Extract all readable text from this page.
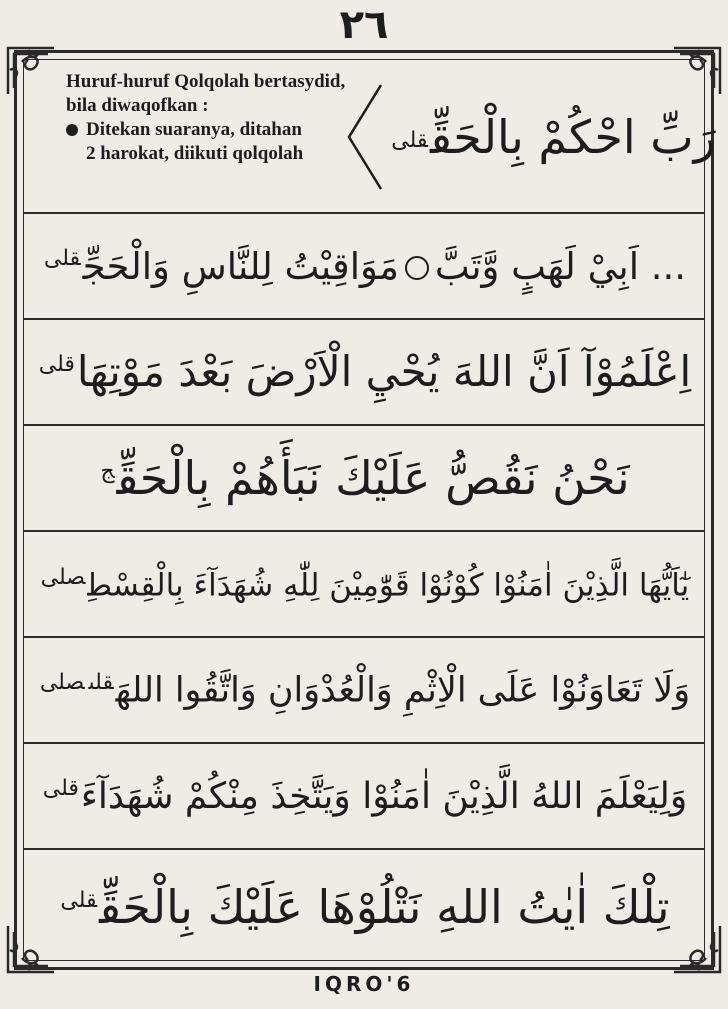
٢٦
Huruf-huruf Qolqolah bertasydid,
bila diwaqofkan :
Ditekan suaranya, ditahan
2 harokat, diikuti qolqolah	رَبِّ احْكُمْ بِالْحَقِّقلى
... اَبِيْ لَهَبٍ وَّتَبَّمَوَاقِيْتُ لِلنَّاسِ وَالْحَجِّ$^{قلى}$
اِعْلَمُوْآ اَنَّ اللهَ يُحْيِ الْاَرْضَ بَعْدَ مَوْتِهَا$^{قلى}$
نَحْنُ نَقُصُّ عَلَيْكَ نَبَأَهُمْ بِالْحَقِّ$^ج$
يٰٓاَيُّهَا الَّذِيْنَ اٰمَنُوْا كُوْنُوْا قَوّٰمِيْنَ لِلّٰهِ شُهَدَآءَ بِالْقِسْطِ$^{صلى}$
وَلَا تَعَاوَنُوْا عَلَى الْاِثْمِ وَالْعُدْوَانِ وَاتَّقُوا اللهَ$^{قلىصلى}$
وَلِيَعْلَمَ اللهُ الَّذِيْنَ اٰمَنُوْا وَيَتَّخِذَ مِنْكُمْ شُهَدَآءَ$^{قلى}$
تِلْكَ اٰيٰتُ اللهِ نَتْلُوْهَا عَلَيْكَ بِالْحَقِّ$^{قلى}$
IQRO'6
